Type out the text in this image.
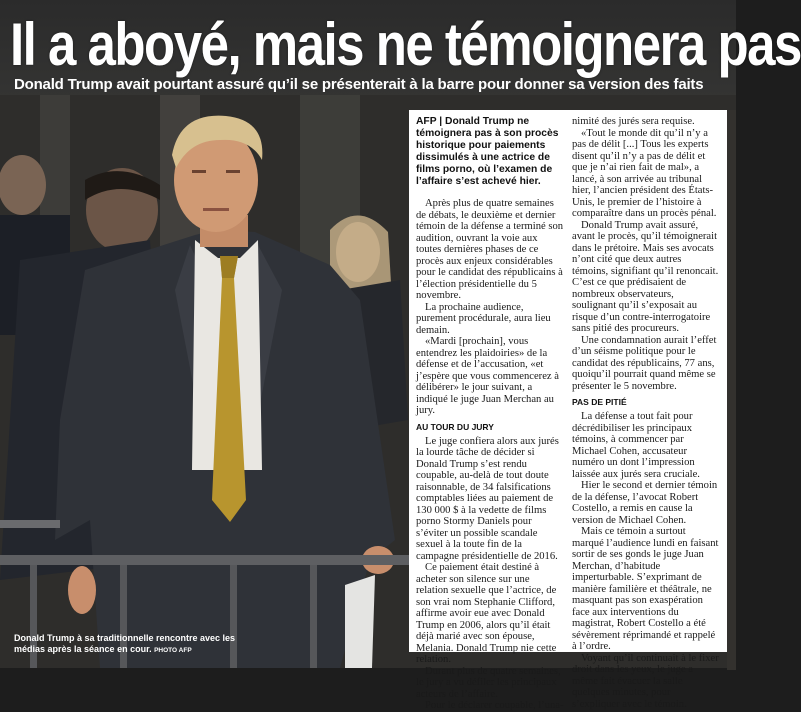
Il a aboyé, mais ne témoignera pas
Donald Trump avait pourtant assuré qu’il se présenterait à la barre pour donner sa version des faits
AFP | Donald Trump ne témoignera pas à son procès historique pour paiements dissimulés à une actrice de films porno, où l’examen de l’affaire s’est achevé hier.

Après plus de quatre semaines de débats, le deuxième et dernier témoin de la défense a terminé son audition, ouvrant la voie aux toutes dernières phases de ce procès aux enjeux considérables pour le candidat des républicains à l’élection présidentielle du 5 novembre.

La prochaine audience, purement procédurale, aura lieu demain.

«Mardi [prochain], vous entendrez les plaidoiries» de la défense et de l’accusation, «et j’espère que vous commencerez à délibérer» le jour suivant, a indiqué le juge Juan Merchan au jury.

AU TOUR DU JURY

Le juge confiera alors aux jurés la lourde tâche de décider si Donald Trump s’est rendu coupable, au-delà de tout doute raisonnable, de 34 falsifications comptables liées au paiement de 130 000 $ à la vedette de films porno Stormy Daniels pour s’éviter un possible scandale sexuel à la toute fin de la campagne présidentielle de 2016.

Ce paiement était destiné à acheter son silence sur une relation sexuelle que l’actrice, de son vrai nom Stephanie Clifford, affirme avoir eue avec Donald Trump en 2006, alors qu’il était déjà marié avec son épouse, Melania. Donald Trump nie cette relation.

Durant plus de quatre semaines, le jury a vu défiler les principaux acteurs de l’affaire.

Pour le déclarer coupable, l’una-

nimité des jurés sera requise.

«Tout le monde dit qu’il n’y a pas de délit [...] Tous les experts disent qu’il n’y a pas de délit et que je n’ai rien fait de mal», a lancé, à son arrivée au tribunal hier, l’ancien président des États-Unis, le premier de l’histoire à comparaître dans un procès pénal.

Donald Trump avait assuré, avant le procès, qu’il témoignerait dans le prétoire. Mais ses avocats n’ont cité que deux autres témoins, signifiant qu’il renoncait. C’est ce que prédisaient de nombreux observateurs, soulignant qu’il s’exposait au risque d’un contre-interrogatoire sans pitié des procureurs.

Une condamnation aurait l’effet d’un séisme politique pour le candidat des républicains, 77 ans, quoiqu’il pourrait quand même se présenter le 5 novembre.

PAS DE PITIÉ

La défense a tout fait pour décrédibiliser les principaux témoins, à commencer par Michael Cohen, accusateur numéro un dont l’impression laissée aux jurés sera cruciale.

Hier le second et dernier témoin de la défense, l’avocat Robert Costello, a remis en cause la version de Michael Cohen.

Mais ce témoin a surtout marqué l’audience lundi en faisant sortir de ses gonds le juge Juan Merchan, d’habitude imperturbable. S’exprimant de manière familière et théâtrale, ne masquant pas son exaspération face aux interventions du magistrat, Robert Costello a été sévèrement réprimandé et rappelé à l’ordre.

Voyant qu’il continuait à le fixer droit dans les yeux, le juge a même fait évacuer la salle quelques minutes, pour s’expliquer avec le témoin.

Donald Trump à sa traditionnelle rencontre avec les médias après la séance en cour. PHOTO AFP
